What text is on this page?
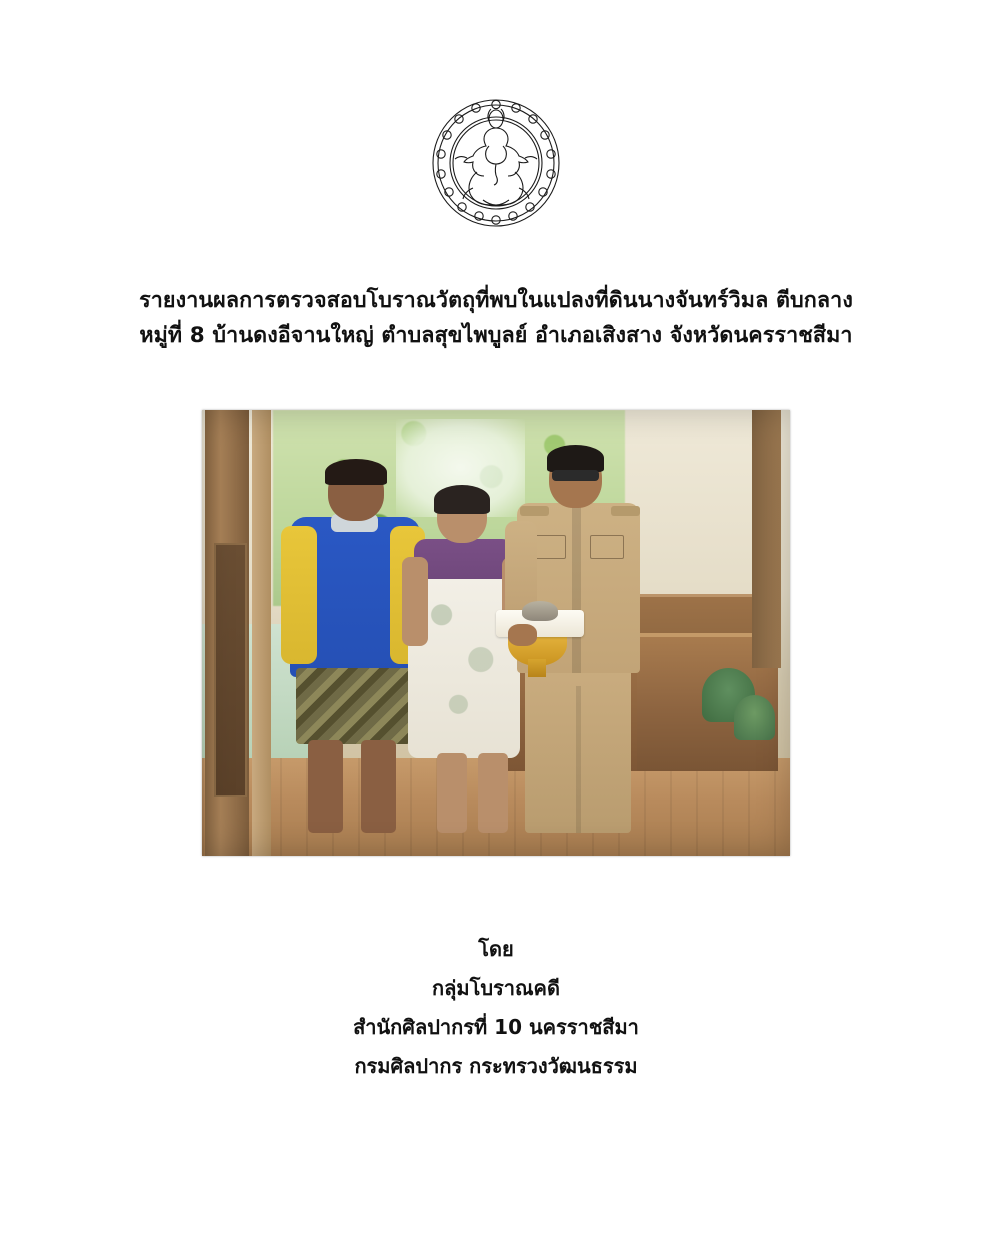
รายงานผลการตรวจสอบโบราณวัตถุที่พบในแปลงที่ดินนางจันทร์วิมล ตีบกลาง
หมู่ที่ 8 บ้านดงอีจานใหญ่ ตำบลสุขไพบูลย์ อำเภอเสิงสาง จังหวัดนครราชสีมา
โดย
กลุ่มโบราณคดี
สำนักศิลปากรที่ 10 นครราชสีมา
กรมศิลปากร กระทรวงวัฒนธรรม
